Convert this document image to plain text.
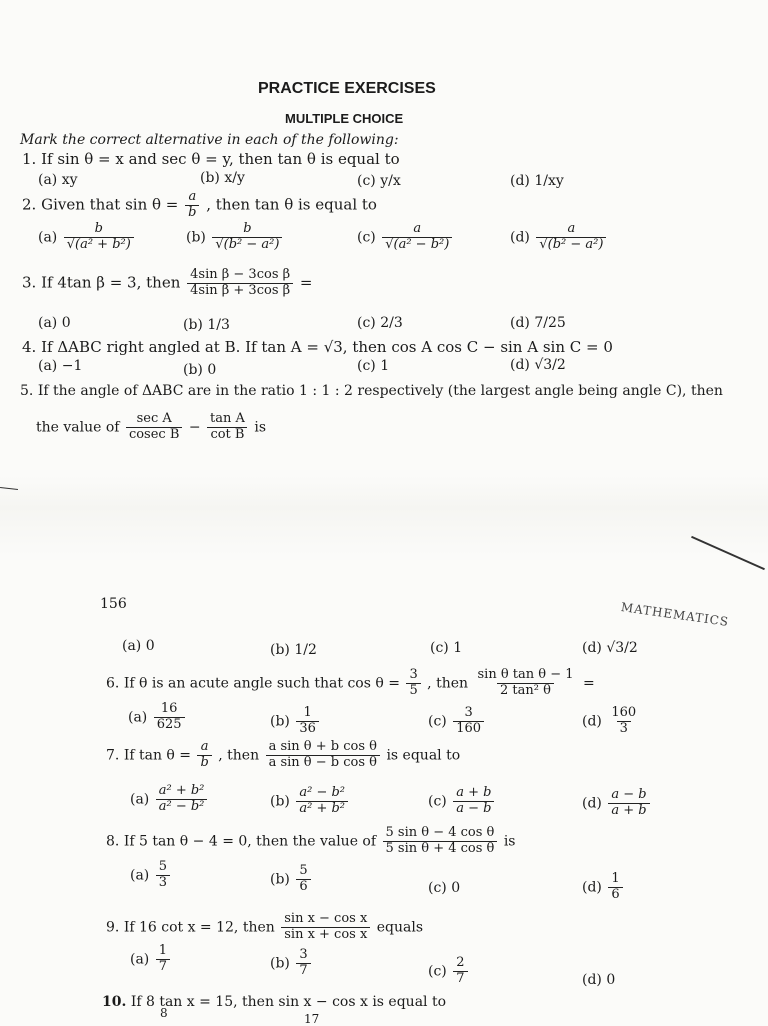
PRACTICE EXERCISES
MULTIPLE CHOICE
Mark the correct alternative in each of the following:
1. If sin θ = x and sec θ = y, then tan θ is equal to
(a) xy	(b) x/y	(c) y/x	(d) 1/xy
2. Given that $\sin \theta = \frac{a}{b}$ , then tan θ is equal to
$(a) \frac{b}{\text{√(a² + b²)}}$	$(b) \frac{b}{\text{√(b² − a²)}}$	$(c) \frac{a}{\text{√(a² − b²)}}$	$(d) \frac{a}{\text{√(b² − a²)}}$
3. If 4tan β = 3, then $\frac{\text{4sin β − 3cos β}}{\text{4sin β + 3cos β}}$ =
(a) 0	(b) 1/3	(c) 2/3	(d) 7/25
4. If ΔABC right angled at B. If tan A = √3, then cos A cos C − sin A sin C = 0
(a) −1	(b) 0	(c) 1	(d) √3/2
5. If the angle of ΔABC are in the ratio 1 : 1 : 2 respectively (the largest angle being angle C), then
the value of $\frac{\text{sec A}}{\text{cosec B}} - \frac{\text{tan A}}{\text{cot B}}$ is
156	MATHEMATICS
(a) 0	(b) 1/2	(c) 1	(d) √3/2
6. If θ is an acute angle such that $\cos \theta = \frac{3}{5}$ , then $\frac{\text{sin θ tan θ − 1}}{\text{2 tan² θ}}$ =
$(a) \frac{16}{625}$	$(b) \frac{1}{36}$	$(c) \frac{3}{160}$	$(d) \frac{160}{3}$
7. If $\tan \theta = \frac{a}{b}$ , then $\frac{\text{a sin θ + b cos θ}}{\text{a sin θ − b cos θ}}$ is equal to
$(a) \frac{\text{a² + b²}}{\text{a² − b²}}$	$(b) \frac{\text{a² − b²}}{\text{a² + b²}}$	$(c) \frac{a + b}{a - b}$	$(d) \frac{a - b}{a + b}$
8. If 5 tan θ − 4 = 0, then the value of $\frac{\text{5 sin θ − 4 cos θ}}{\text{5 sin θ + 4 cos θ}}$ is
$(a) \frac{5}{3}$	$(b) \frac{5}{6}$	(c) 0	$(d) \frac{1}{6}$
9. If 16 cot x = 12, then $\frac{\text{sin x − cos x}}{\text{sin x + cos x}}$ equals
$(a) \frac{1}{7}$	$(b) \frac{3}{7}$	$(c) \frac{2}{7}$	(d) 0
10. If 8 tan x = 15, then sin x − cos x is equal to
8	17
